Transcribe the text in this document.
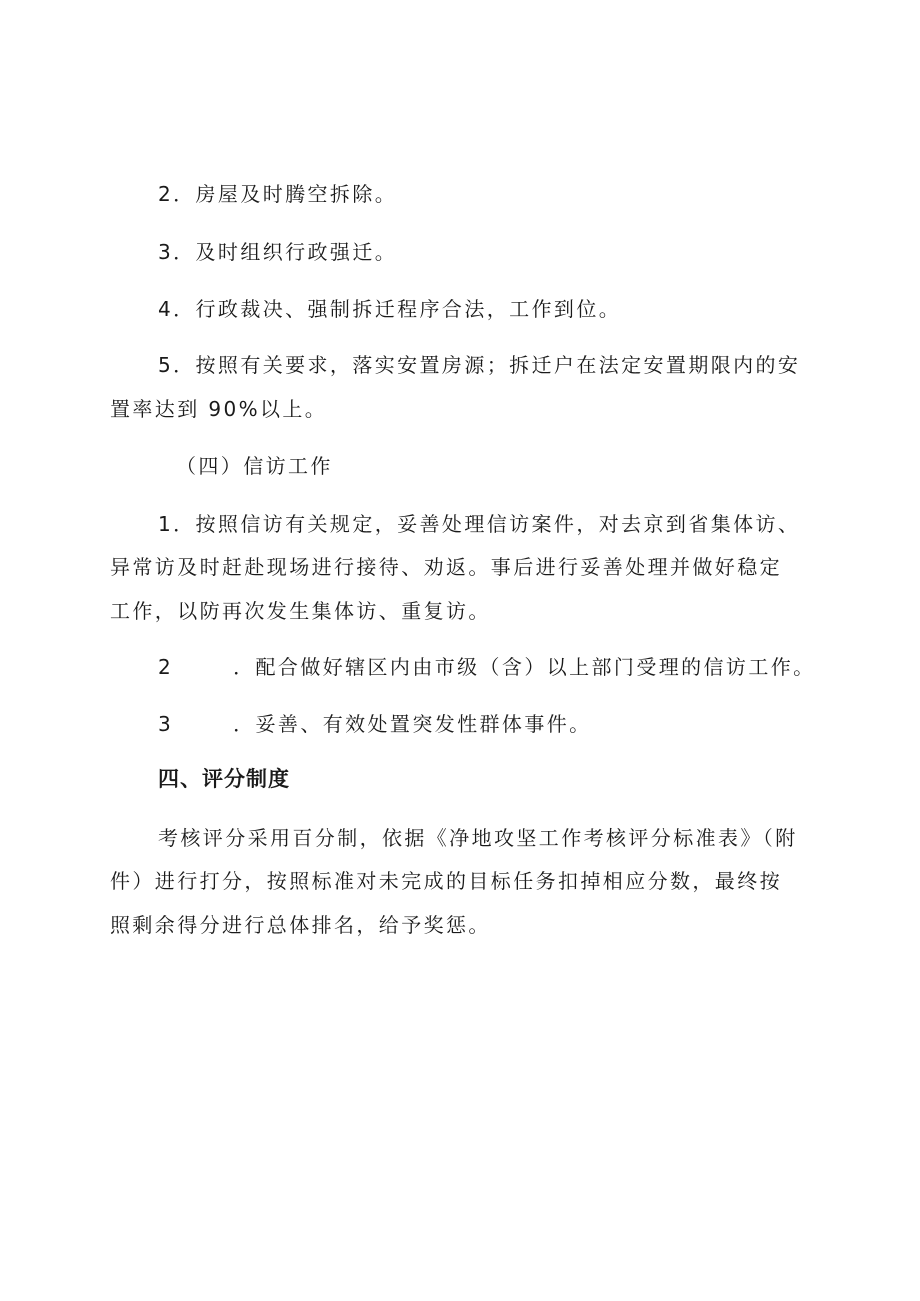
2．房屋及时腾空拆除。
3．及时组织行政强迁。
4．行政裁决、强制拆迁程序合法，工作到位。
5．按照有关要求，落实安置房源；拆迁户在法定安置期限内的安
置率达到 90%以上。
（四）信访工作
1．按照信访有关规定，妥善处理信访案件，对去京到省集体访、
异常访及时赶赴现场进行接待、劝返。事后进行妥善处理并做好稳定
工作，以防再次发生集体访、重复访。
2	．配合做好辖区内由市级（含）以上部门受理的信访工作。
3	．妥善、有效处置突发性群体事件。
四、评分制度
考核评分采用百分制，依据《净地攻坚工作考核评分标准表》（附
件）进行打分，按照标准对未完成的目标任务扣掉相应分数，最终按
照剩余得分进行总体排名，给予奖惩。
